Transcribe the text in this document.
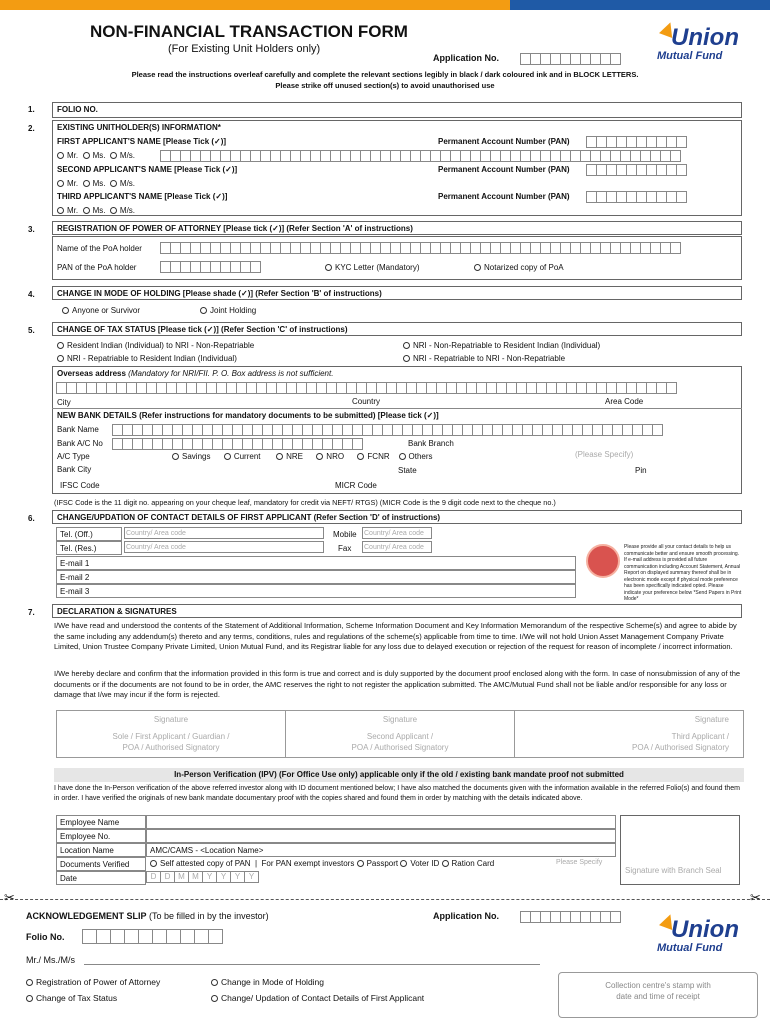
NON-FINANCIAL TRANSACTION FORM
(For Existing Unit Holders only)
Application No.
Union
Mutual Fund
Please read the instructions overleaf carefully and complete the relevant sections legibly in black / dark coloured ink and in BLOCK LETTERS.
Please strike off unused section(s) to avoid unauthorised use
1.	FOLIO NO.
2.	EXISTING UNITHOLDER(S) INFORMATION*
FIRST APPLICANT'S NAME [Please Tick (✓)]	Permanent Account Number (PAN)
Mr. Ms. M/s.
SECOND APPLICANT'S NAME [Please Tick (✓)]	Permanent Account Number (PAN)
Mr. Ms. M/s.
THIRD APPLICANT'S NAME [Please Tick (✓)]	Permanent Account Number (PAN)
Mr. Ms. M/s.
3.	REGISTRATION OF POWER OF ATTORNEY [Please tick (✓)] (Refer Section 'A' of instructions)
Name of the PoA holder
PAN of the PoA holder	KYC Letter (Mandatory)	Notarized copy of PoA
4.	CHANGE IN MODE OF HOLDING [Please shade (✓)] (Refer Section 'B' of instructions)
Anyone or Survivor	Joint Holding
5.	CHANGE OF TAX STATUS [Please tick (✓)] (Refer Section 'C' of instructions)
Resident Indian (Individual) to NRI - Non-Repatriable
NRI - Repatriable to Resident Indian (Individual)
NRI - Non-Repatriable to Resident Indian (Individual)
NRI - Repatriable to NRI - Non-Repatriable
Overseas address (Mandatory for NRI/FII. P. O. Box address is not sufficient.
City	Country	Area Code
NEW BANK DETAILS (Refer instructions for mandatory documents to be submitted) [Please tick (✓)]
Bank Name
Bank A/C No	Bank Branch
A/C Type	Savings	Current	NRE	NRO	FCNR Others	(Please Specify)
Bank City	State	Pin
IFSC Code	MICR Code
(IFSC Code is the 11 digit no. appearing on your cheque leaf, mandatory for credit via NEFT/ RTGS) (MICR Code is the 9 digit code next to the cheque no.)
6.	CHANGE/UPDATION OF CONTACT DETAILS OF FIRST APPLICANT (Refer Section 'D' of instructions)
Tel. (Off.)	Country/ Area code
Tel. (Res.)	Country/ Area code
Mobile Country/ Area code
Fax Country/ Area code
E-mail 1
E-mail 2
E-mail 3
Please provide all your contact details to help us communicate better and ensure smooth processing. If e-mail address is provided all future communication including Account Statement, Annual Report on displayed summary thereof shall be in electronic mode except if physical mode preference has been specifically indicated opted. Please indicate your preference below *Send Papers in Print Mode*
7.	DECLARATION & SIGNATURES
I/We have read and understood the contents of the Statement of Additional Information, Scheme Information Document and Key Information Memorandum of the respective Scheme(s) and agree to abide by the same including any addendum(s) thereto and any terms, conditions, rules and regulations of the scheme(s) applicable from time to time. I/We will not hold Union Asset Management Company Private Limited, Union Trustee Company Private Limited, Union Mutual Fund, and its Registrar liable for any loss due to delayed execution or rejection of the request for reason of incomplete / incorrect information.
I/We hereby declare and confirm that the information provided in this form is true and correct and is duly supported by the document proof enclosed along with the form. In case of nonsubmission of any of the documents or if the documents are not found to be in order, the AMC reserves the right to not register the application submitted. The AMC/Mutual Fund shall not be liable and/or responsible for any loss or damage that I/we may incur if the form is rejected.
Signature
Sole / First Applicant / Guardian /
POA / Authorised Signatory
Signature
Second Applicant /
POA / Authorised Signatory
Signature
Third Applicant /
POA / Authorised Signatory
In-Person Verification (IPV) (For Office Use only) applicable only if the old / existing bank mandate proof not submitted
I have done the In-Person verification of the above referred investor along with ID document mentioned below; I have also matched the documents given with the information available in the referred Folio(s) and found them in order. I have verified the originals of new bank mandate documentary proof with the copies shared and found them in order by matching with the details indicated above.
Employee Name
Employee No.
Location Name	AMC/CAMS - <Location Name>
Documents Verified	Self attested copy of PAN  |  For PAN exempt investors Passport Voter ID Ration Card	Please Specify
Date	D	D M M	Y	Y	Y	Y
Signature with Branch Seal
✂	✂
ACKNOWLEDGEMENT SLIP (To be filled in by the investor)	Application No.	Union
Mutual Fund
Folio No.
Mr./ Ms./M/s
Registration of Power of Attorney
Change of Tax Status
Change in Mode of Holding
Change/ Updation of Contact Details of First Applicant
Collection centre's stamp with
date and time of receipt
